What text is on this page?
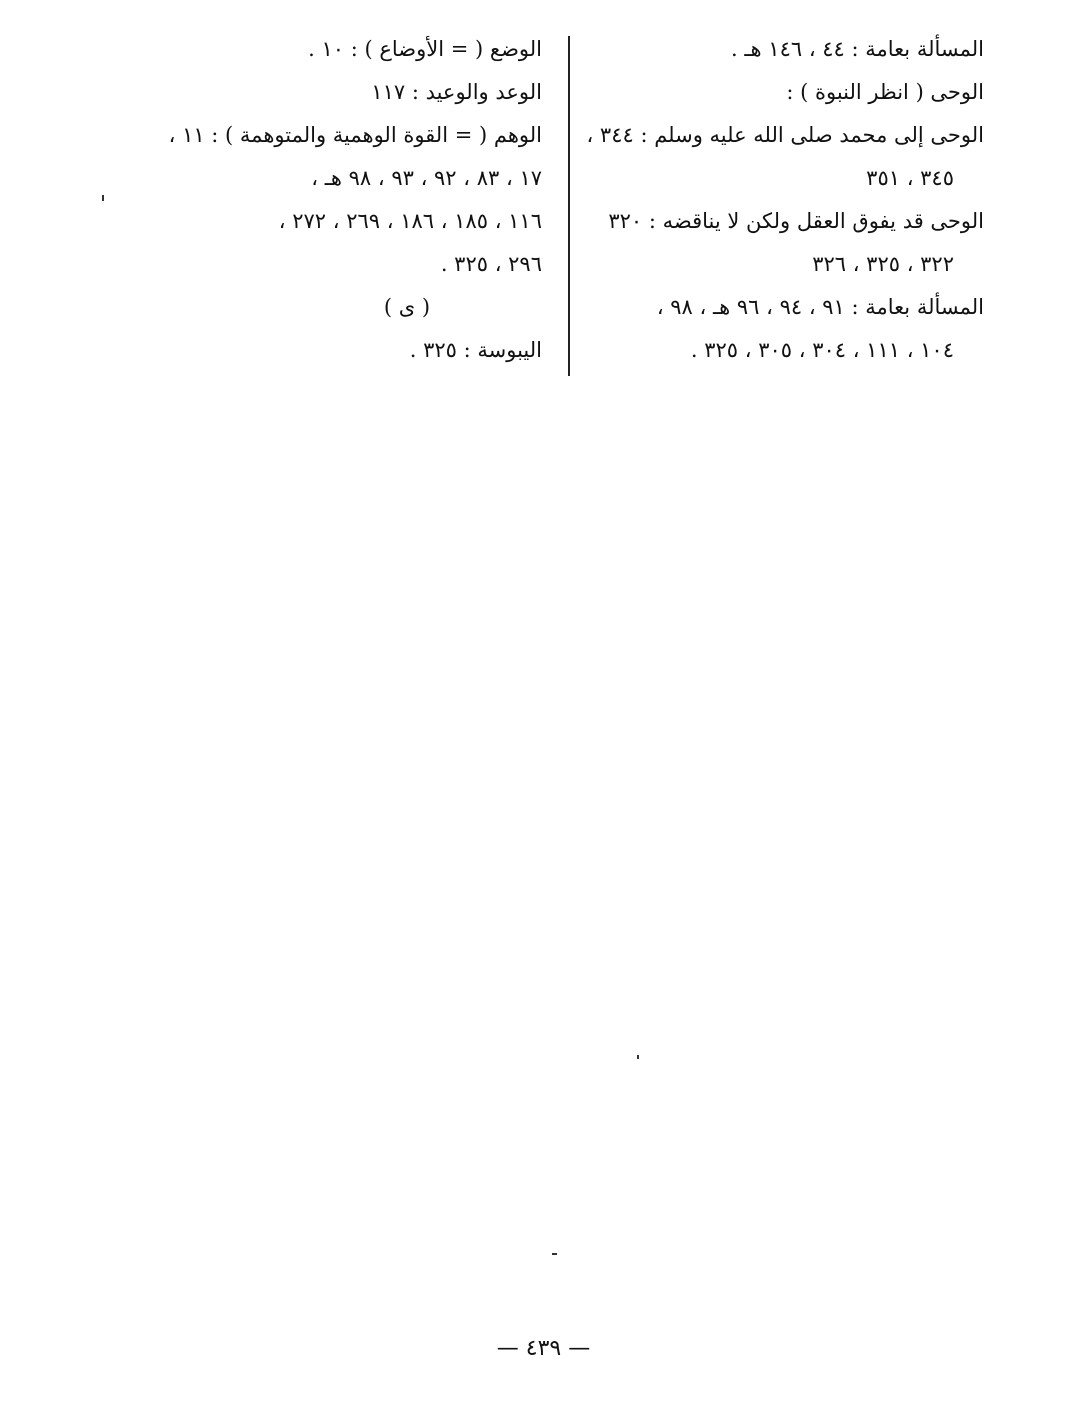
المسألة بعامة : ٤٤ ، ١٤٦ هـ .
الوحى ( انظر النبوة ) :
الوحى إلى محمد صلى الله عليه وسلم : ٣٤٤ ،
٣٤٥ ، ٣٥١
الوحى قد يفوق العقل ولكن لا يناقضه : ٣٢٠
٣٢٢ ، ٣٢٥ ، ٣٢٦
المسألة بعامة : ٩١ ، ٩٤ ، ٩٦ هـ ، ٩٨ ،
١٠٤ ، ١١١ ، ٣٠٤ ، ٣٠٥ ، ٣٢٥ .
الوضع ( = الأوضاع ) : ١٠ .
الوعد والوعيد : ١١٧
الوهم ( = القوة الوهمية والمتوهمة ) : ١١ ،
١٧ ، ٨٣ ، ٩٢ ، ٩٣ ، ٩٨ هـ ،
١١٦ ، ١٨٥ ، ١٨٦ ، ٢٦٩ ، ٢٧٢ ،
٢٩٦ ، ٣٢٥ .
( ى )
اليبوسة : ٣٢٥ .
— ٤٣٩ —
